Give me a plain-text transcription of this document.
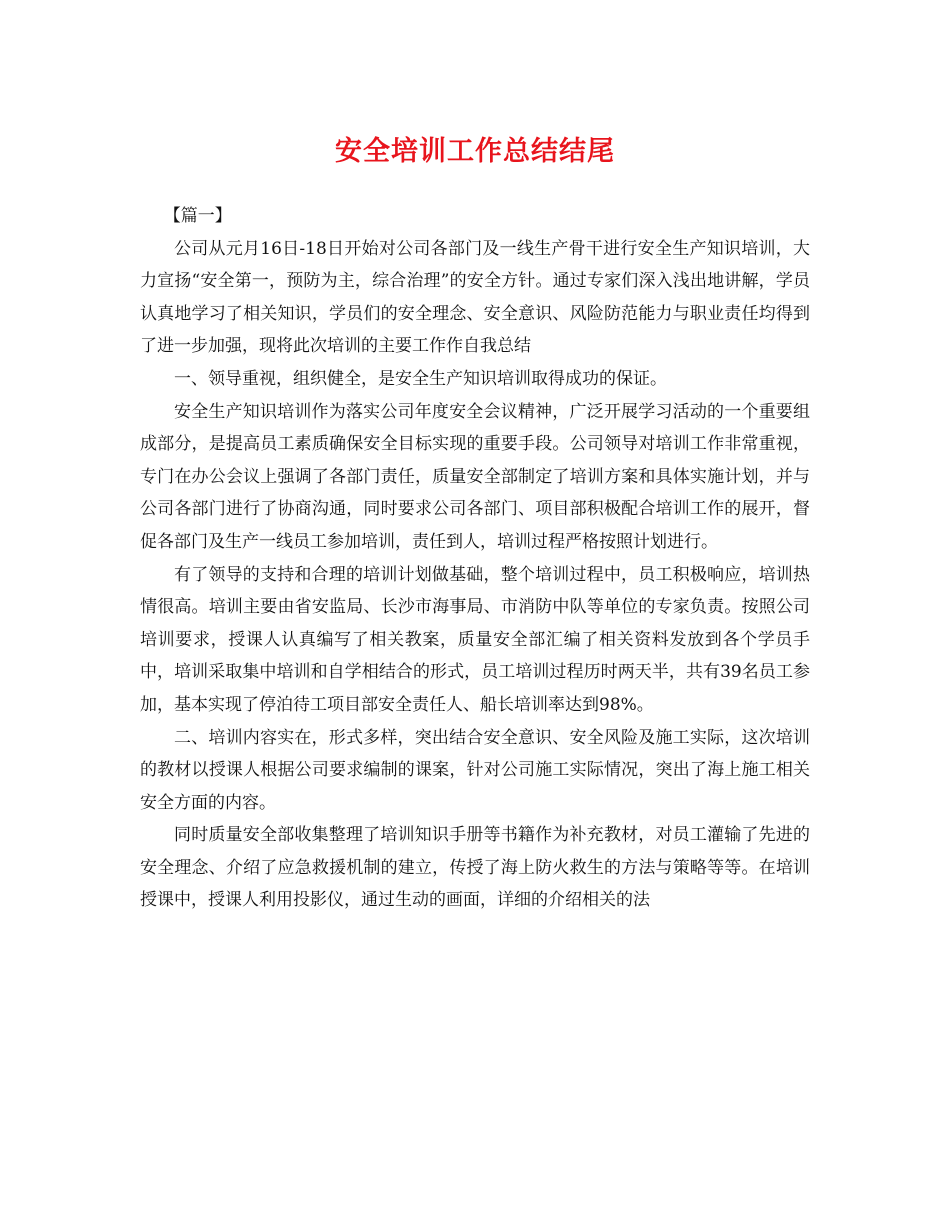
安全培训工作总结结尾

【篇一】

公司从元月16日-18日开始对公司各部门及一线生产骨干进行安全生产知识培训，大力宣扬“安全第一，预防为主，综合治理”的安全方针。通过专家们深入浅出地讲解，学员认真地学习了相关知识，学员们的安全理念、安全意识、风险防范能力与职业责任均得到了进一步加强，现将此次培训的主要工作作自我总结

一、领导重视，组织健全，是安全生产知识培训取得成功的保证。

安全生产知识培训作为落实公司年度安全会议精神，广泛开展学习活动的一个重要组成部分，是提高员工素质确保安全目标实现的重要手段。公司领导对培训工作非常重视，专门在办公会议上强调了各部门责任，质量安全部制定了培训方案和具体实施计划，并与公司各部门进行了协商沟通，同时要求公司各部门、项目部积极配合培训工作的展开，督促各部门及生产一线员工参加培训，责任到人，培训过程严格按照计划进行。

有了领导的支持和合理的培训计划做基础，整个培训过程中，员工积极响应，培训热情很高。培训主要由省安监局、长沙市海事局、市消防中队等单位的专家负责。按照公司培训要求，授课人认真编写了相关教案，质量安全部汇编了相关资料发放到各个学员手中，培训采取集中培训和自学相结合的形式，员工培训过程历时两天半，共有39名员工参加，基本实现了停泊待工项目部安全责任人、船长培训率达到98%。

二、培训内容实在，形式多样，突出结合安全意识、安全风险及施工实际，这次培训的教材以授课人根据公司要求编制的课案，针对公司施工实际情况，突出了海上施工相关安全方面的内容。

同时质量安全部收集整理了培训知识手册等书籍作为补充教材，对员工灌输了先进的安全理念、介绍了应急救援机制的建立，传授了海上防火救生的方法与策略等等。在培训授课中，授课人利用投影仪，通过生动的画面，详细的介绍相关的法
